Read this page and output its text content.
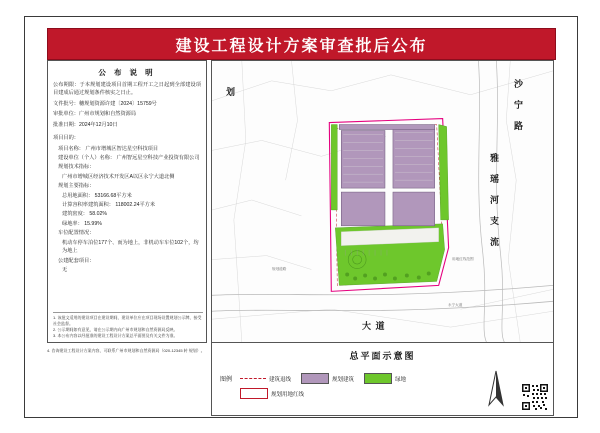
建设工程设计方案审查批后公布
公 布 说 明
公布期限：于本规划建设项目首期工程开工之日起到全部建设项目建成后通过规划条件核实之日止。
文件批号：穗规划资源许建〔2024〕15759号
审批单位：广州市规划和自然资源局
批准日期：2024年12月10日
项目目的：
项目名称： 广州市增城区智达星空科技项目
建设单位（个人）名称： 广州智远星空科技产业投资有限公司
规划技术指标：
广州市增城区经济技术开发区A以区永宁大道北侧
规划主要指标：
总用地面积： 53166.68平方米
计算容积率建筑面积： 118002.24平方米
建筑密度： 58.02%
绿地率： 15.99%
车位配置情况：
机动车停车泊位177个、而为地上，非机动车车位102个，均为地上
公建配套项目：
无
1. 该批文适用的建设项目在建设期间，建设单位应在项目现场设置规划公示牌，接受社会监督。
2. 公示期间如有意见，请在公示期内向广州市规划和自然资源局反映。
3. 本公布内容以经批准的建设工程设计方案总平面图及有关文件为准。
4. 咨询建设工程设计方案内容，可联系广州市规划和自然资源局（020-12345 转 规划）。
沙 宁 路
雅 瑶 河 支 流
大 道
划
永宁大道
规划道路
用地红线范围
总平面示意图
图例	建筑退线	规划建筑	绿地
规划用地红线
